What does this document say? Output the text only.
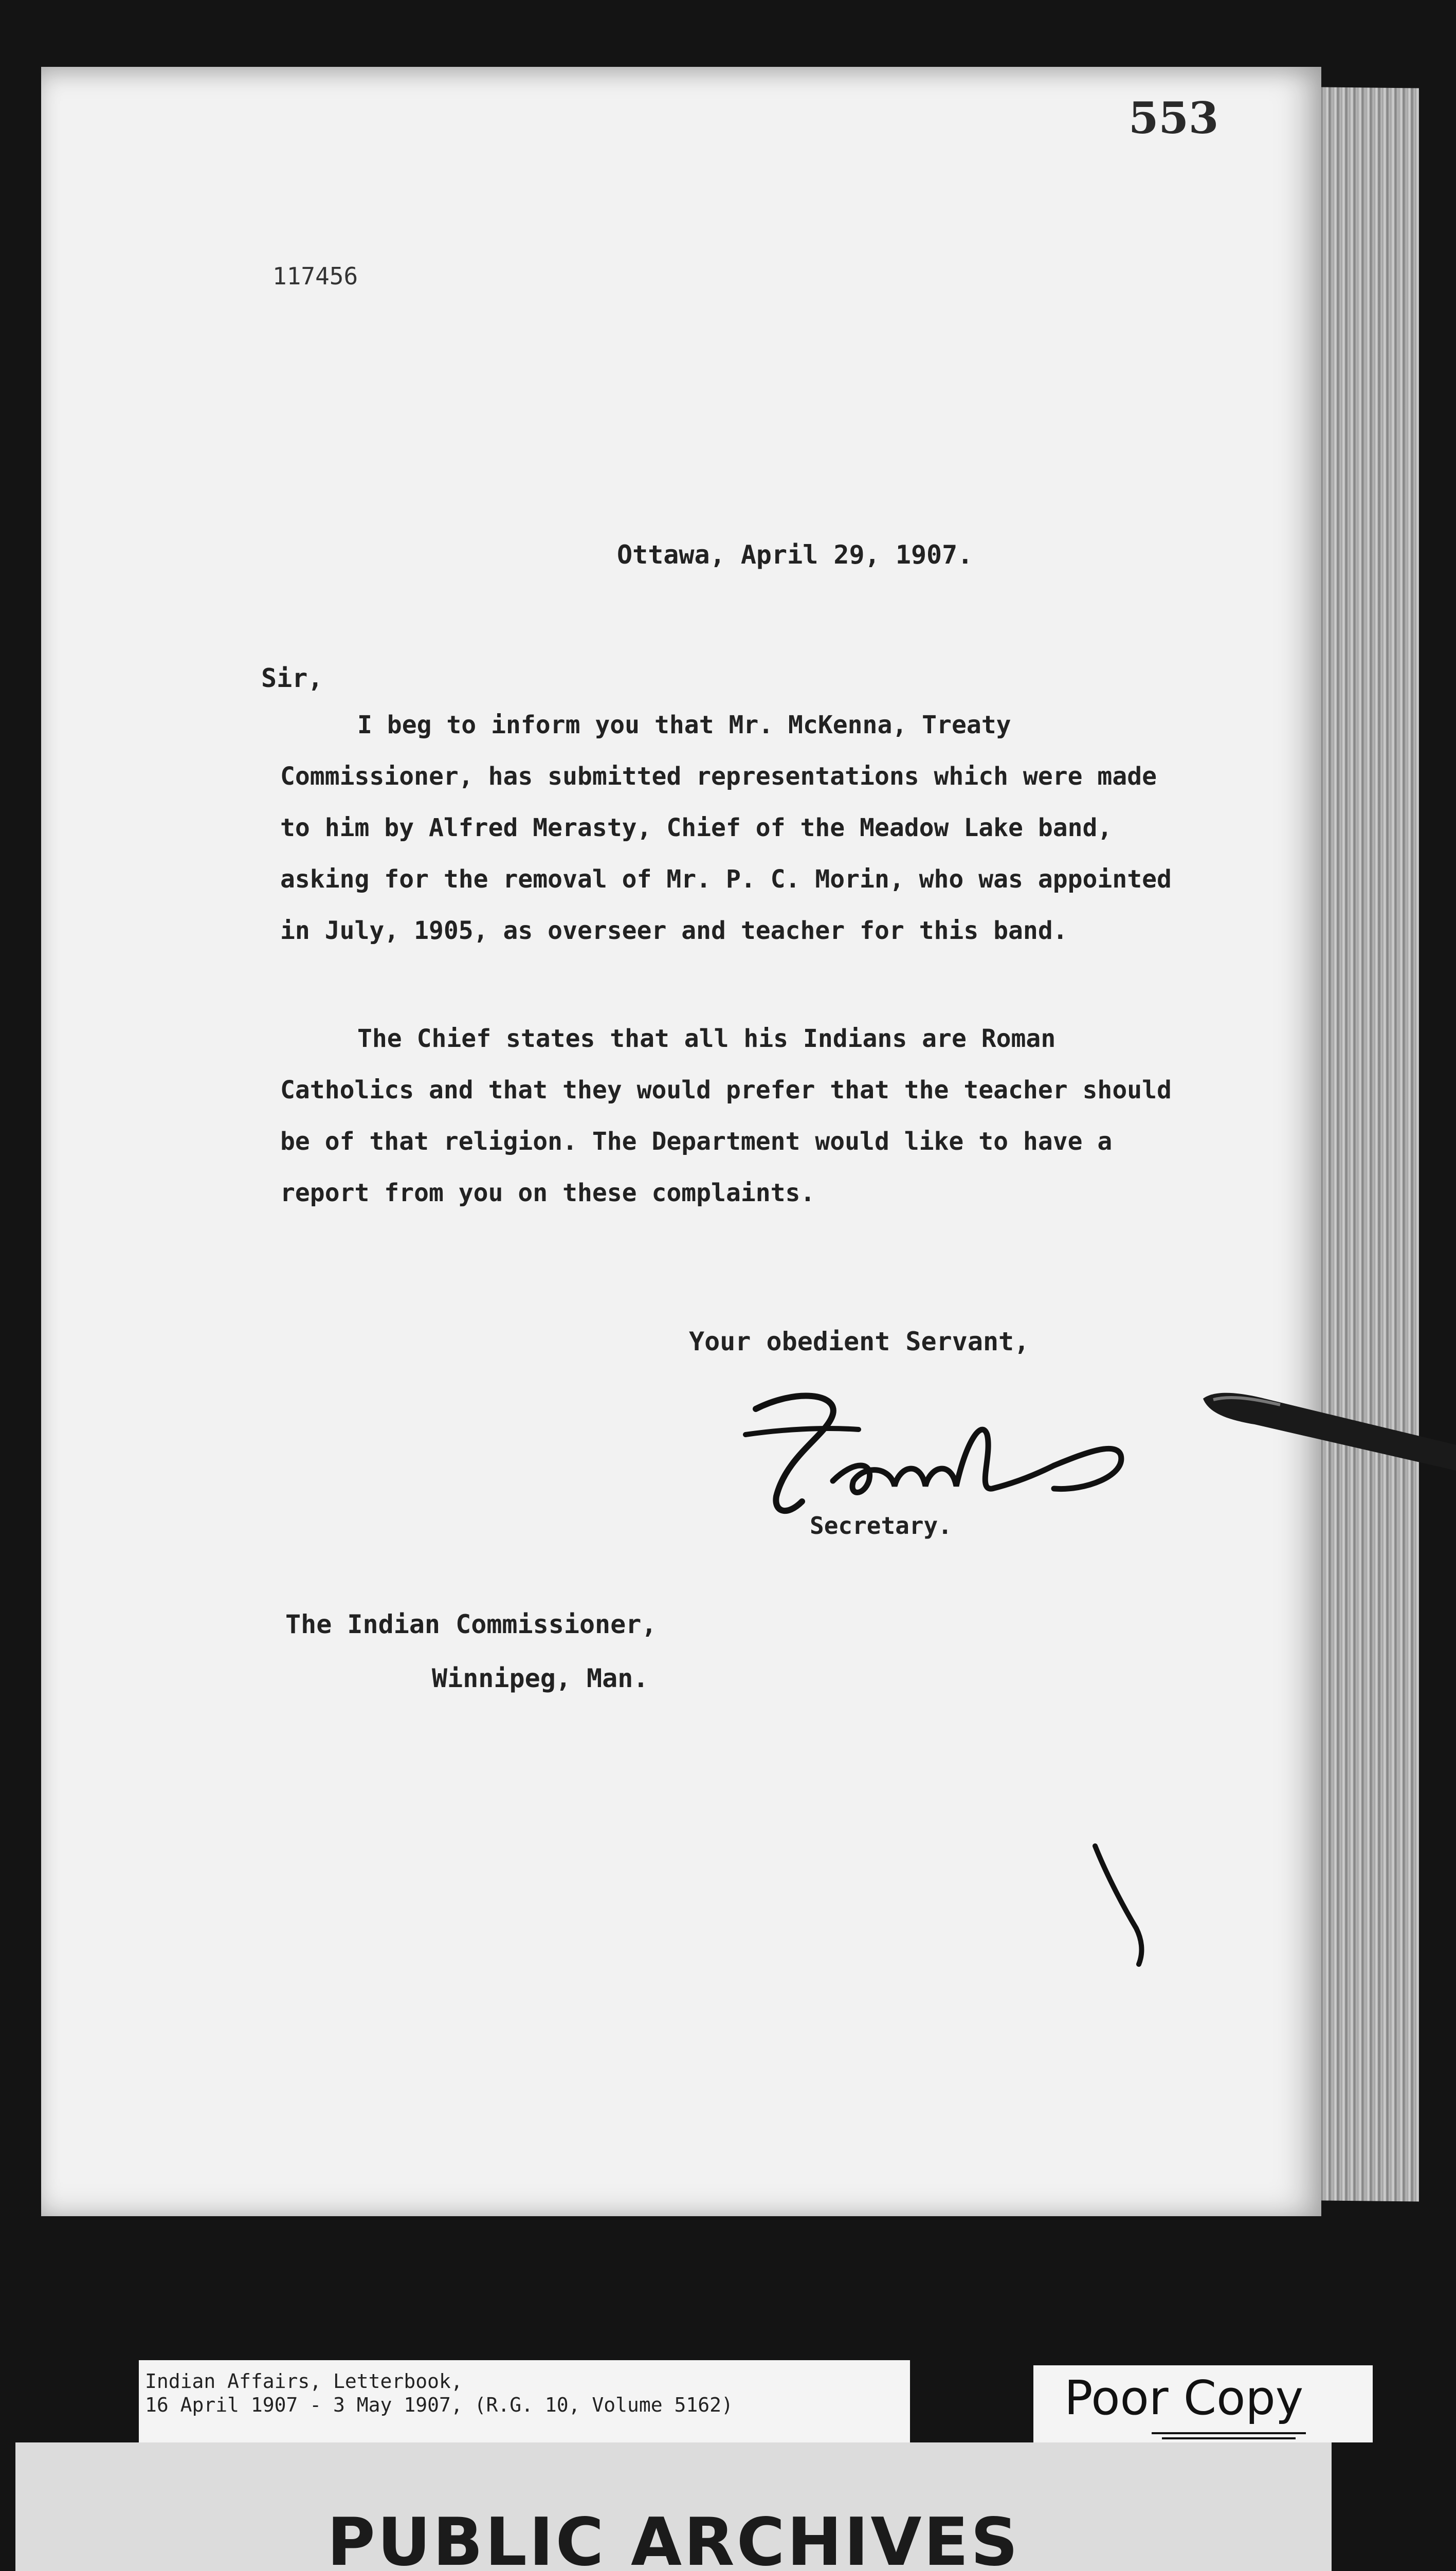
553
117456
Ottawa, April 29, 1907.
Sir,
I beg to inform you that Mr. McKenna, Treaty Commissioner, has submitted representations which were made to him by Alfred Merasty, Chief of the Meadow Lake band, asking for the removal of Mr. P. C. Morin, who was appointed in July, 1905, as overseer and teacher for this band.
The Chief states that all his Indians are Roman Catholics and that they would prefer that the teacher should be of that religion. The Department would like to have a report from you on these complaints.
Your obedient Servant,
Secretary.
The Indian Commissioner,
Winnipeg, Man.
Indian Affairs, Letterbook,
16 April 1907 - 3 May 1907, (R.G. 10, Volume 5162)	Poor Copy
PUBLIC ARCHIVES
